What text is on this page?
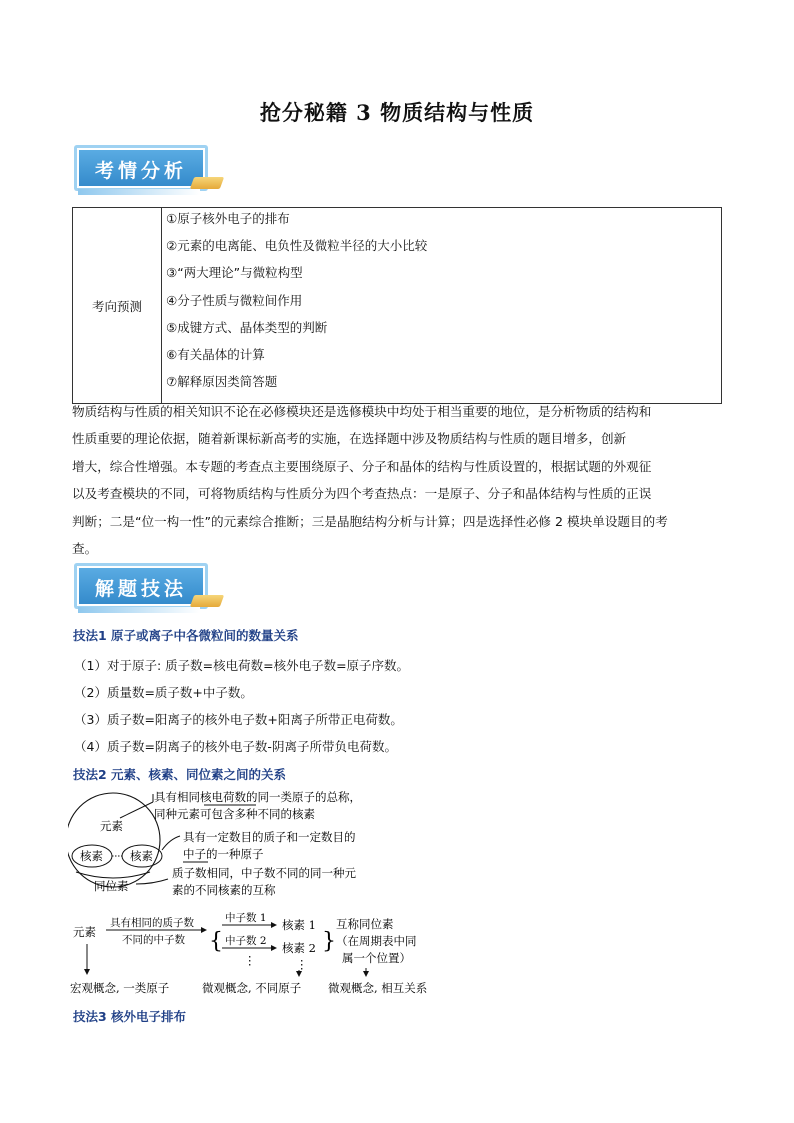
抢分秘籍 3 物质结构与性质
考情分析
考向预测	
①原子核外电子的排布
②元素的电离能、电负性及微粒半径的大小比较
③“两大理论”与微粒构型
④分子性质与微粒间作用
⑤成键方式、晶体类型的判断
⑥有关晶体的计算
⑦解释原因类简答题
物质结构与性质的相关知识不论在必修模块还是选修模块中均处于相当重要的地位，是分析物质的结构和
性质重要的理论依据，随着新课标新高考的实施，在选择题中涉及物质结构与性质的题目增多，创新
增大，综合性增强。本专题的考查点主要围绕原子、分子和晶体的结构与性质设置的，根据试题的外观征
以及考查模块的不同，可将物质结构与性质分为四个考查热点：一是原子、分子和晶体结构与性质的正误
判断；二是“位一构一性”的元素综合推断；三是晶胞结构分析与计算；四是选择性必修 2 模块单设题目的考
查。
解题技法
技法1 原子或离子中各微粒间的数量关系
（1）对于原子: 质子数=核电荷数=核外电子数=原子序数。
（2）质量数=质子数+中子数。
（3）质子数=阳离子的核外电子数+阳离子所带正电荷数。
（4）质子数=阴离子的核外电子数-阴离子所带负电荷数。
技法2 元素、核素、同位素之间的关系
元素
核素 核素
同位素
具有相同核电荷数的同一类原子的总称，
同种元素可包含多种不同的核素
具有一定数目的质子和一定数目的
中子的一种原子
质子数相同，中子数不同的同一种元
素的不同核素的互称
元素
具有相同的质子数
不同的中子数 {
中子数 1
中子数 2
⋮
核素 1
核素 2
⋮
}
互称同位素
（在周期表中同
属一个位置）
宏观概念, 一类原子	微观概念, 不同原子 微观概念, 相互关系
技法3 核外电子排布
